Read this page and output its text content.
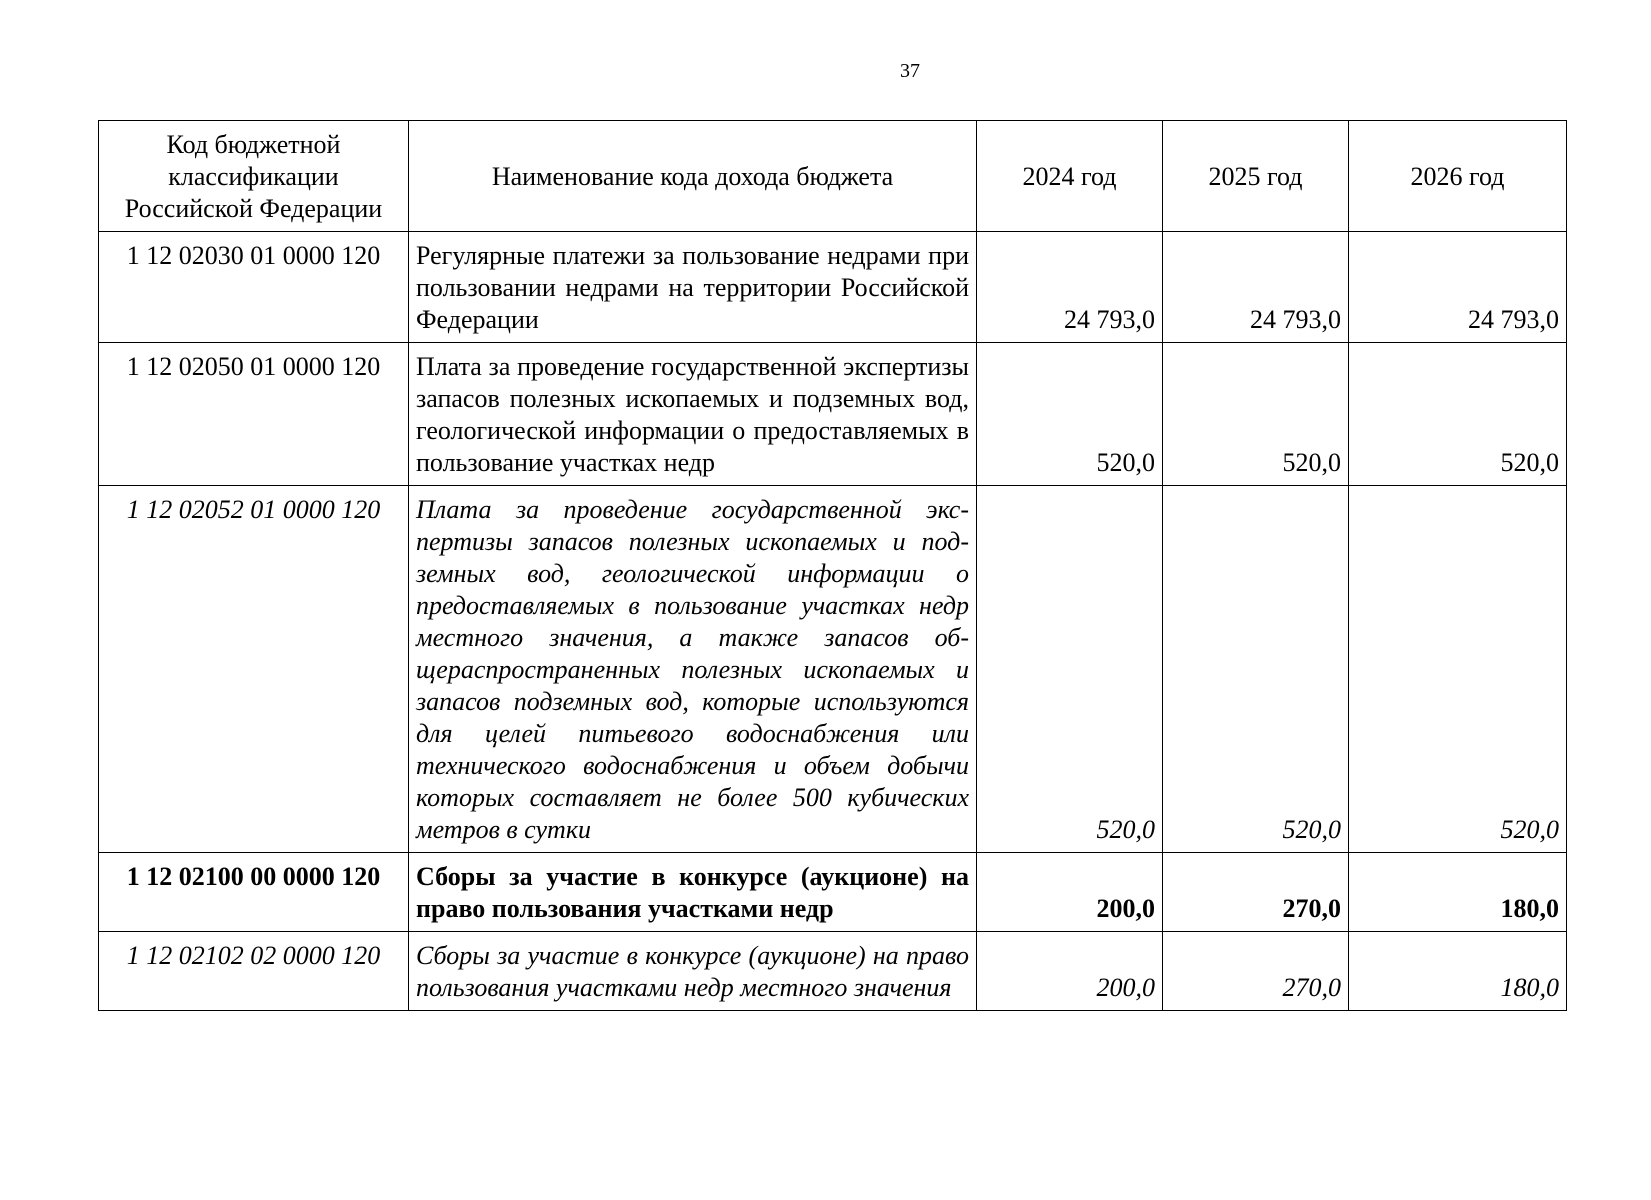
37
Код бюджетной классификации Российской Федерации	Наименование кода дохода бюджета	2024 год	2025 год	2026 год
1 12 02030 01 0000 120	Регулярные платежи за пользование недрами при пользовании недрами на территории Российской Федерации	24 793,0	24 793,0	24 793,0
1 12 02050 01 0000 120	Плата за проведение государственной экспертизы запасов полезных ископаемых и подземных вод, геологической информации о предоставляемых в пользование участках недр	520,0	520,0	520,0
1 12 02052 01 0000 120	Плата за проведение государственной экспертизы запасов полезных ископаемых и подземных вод, геологической информации о предоставляемых в пользование участках недр местного значения, а также запасов общераспространенных полезных ископаемых и запасов подземных вод, которые используются для целей питьевого водоснабжения или технического водоснабжения и объем добычи которых составляет не более 500 кубических метров в сутки	520,0	520,0	520,0
1 12 02100 00 0000 120	Сборы за участие в конкурсе (аукционе) на право пользования участками недр	200,0	270,0	180,0
1 12 02102 02 0000 120	Сборы за участие в конкурсе (аукционе) на право пользования участками недр местного значения	200,0	270,0	180,0
